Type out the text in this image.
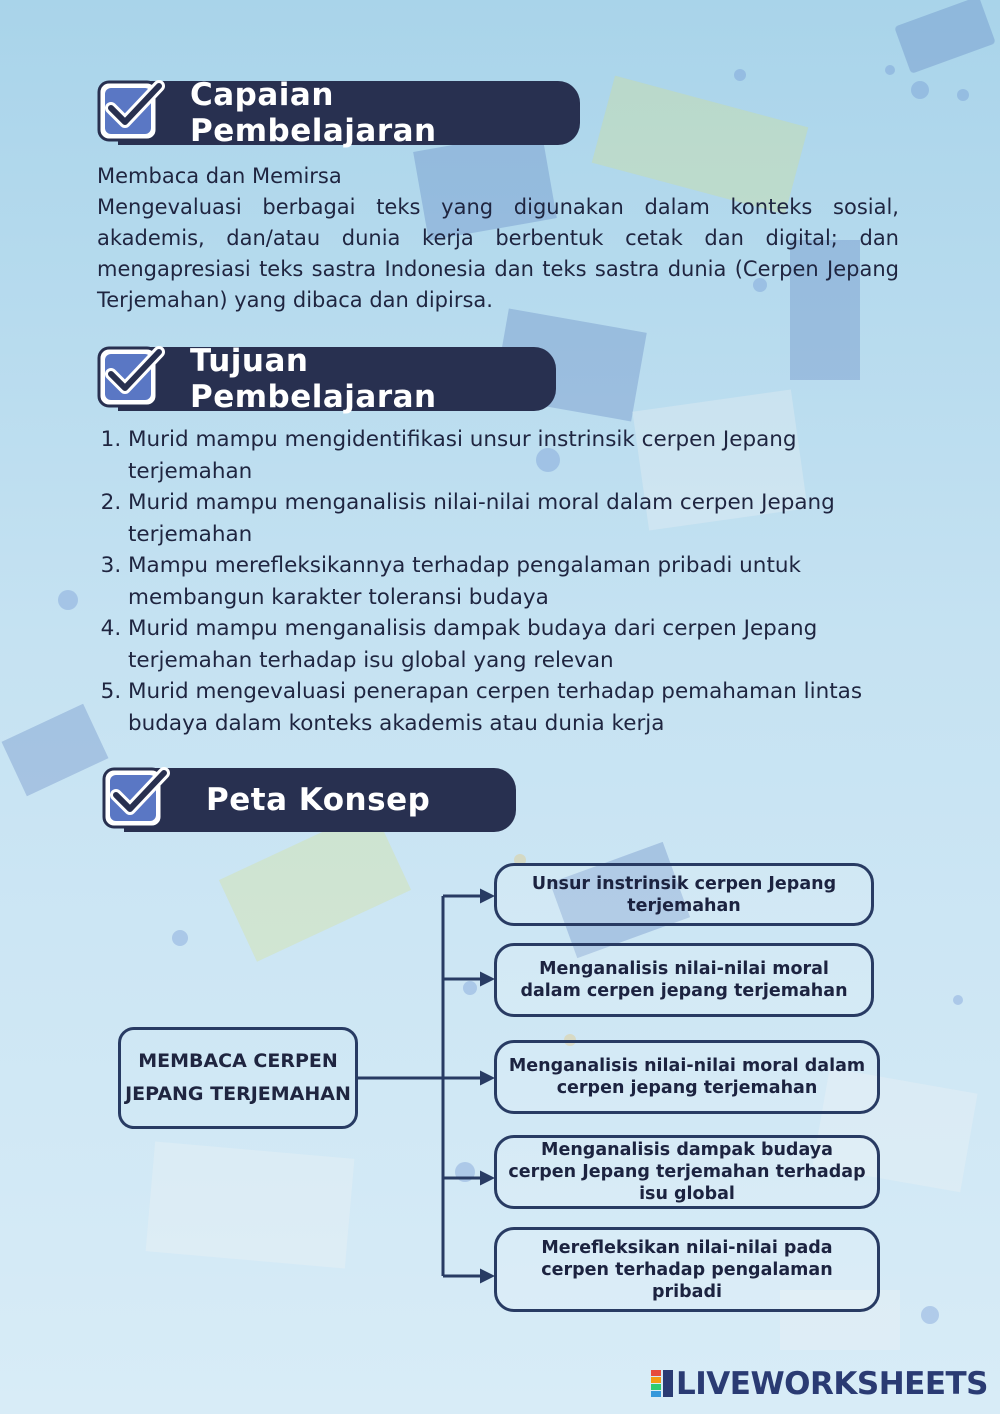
Capaian Pembelajaran
Membaca dan Memirsa
Mengevaluasi berbagai teks yang digunakan dalam konteks sosial, akademis, dan/atau dunia kerja berbentuk cetak dan digital; dan mengapresiasi teks sastra Indonesia dan teks sastra dunia (Cerpen Jepang Terjemahan) yang dibaca dan dipirsa.
Tujuan Pembelajaran
1. Murid mampu mengidentifikasi unsur instrinsik cerpen Jepang terjemahan
2. Murid mampu menganalisis nilai-nilai moral dalam cerpen Jepang terjemahan
3. Mampu merefleksikannya terhadap pengalaman pribadi untuk membangun karakter toleransi budaya
4. Murid mampu menganalisis dampak budaya dari cerpen Jepang terjemahan terhadap isu global yang relevan
5. Murid mengevaluasi penerapan cerpen terhadap pemahaman lintas budaya dalam konteks akademis atau dunia kerja
Peta Konsep
MEMBACA CERPEN JEPANG TERJEMAHAN
Unsur instrinsik cerpen Jepang terjemahan
Menganalisis nilai-nilai moral dalam cerpen jepang terjemahan
Menganalisis nilai-nilai moral dalam cerpen jepang terjemahan
Menganalisis dampak budaya cerpen Jepang terjemahan terhadap isu global
Merefleksikan nilai-nilai pada cerpen terhadap pengalaman pribadi
LIVEWORKSHEETS
